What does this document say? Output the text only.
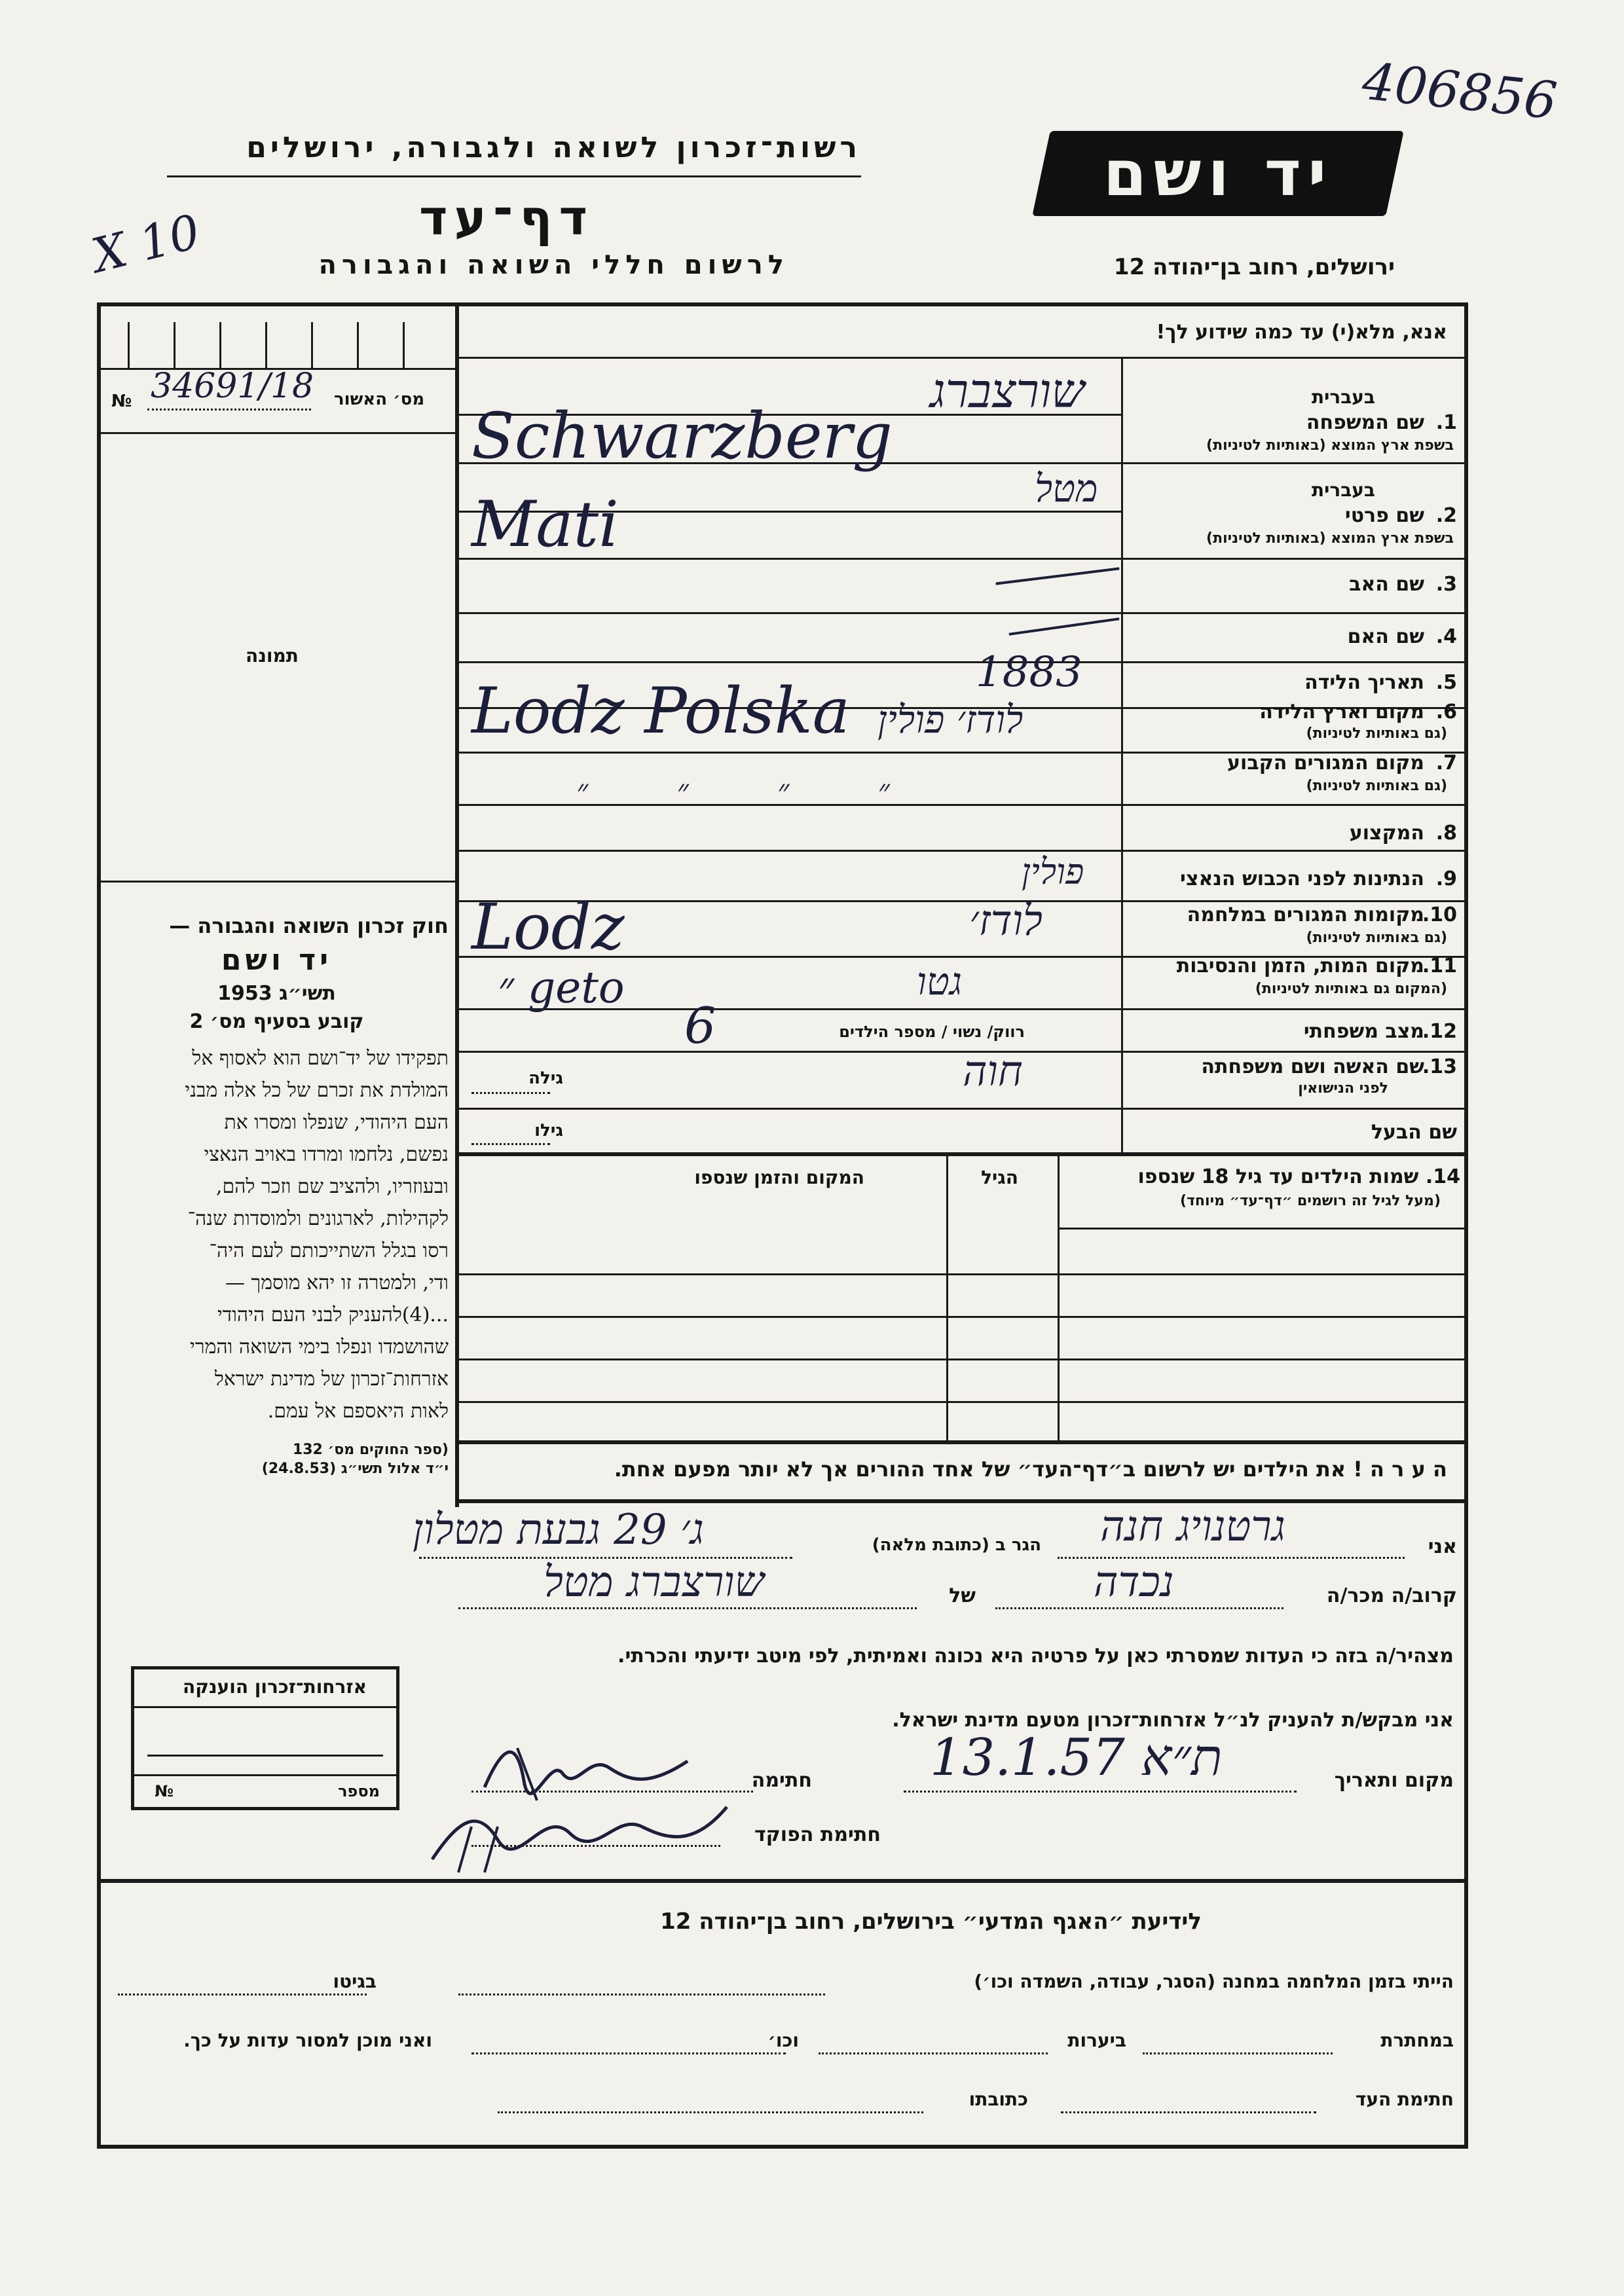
406856
X 10
רשות־זכרון לשואה ולגבורה, ירושלים
דף־עד
לרשום חללי השואה והגבורה
יד ושם
ירושלים, רחוב בן־יהודה 12
34691/18 מס׳ האשור
№
תמונה
חוק זכרון השואה והגבורה —
יד ושם
תשי״ג 1953
קובע בסעיף מס׳ 2
תפקידו של יד־ושם הוא לאסוף אל
המולדת את זכרם של כל אלה מבני
העם היהודי, שנפלו ומסרו את
נפשם, נלחמו ומרדו באויב הנאצי
ובעוזריו, ולהציב שם וזכר להם,
לקהילות, לארגונים ולמוסדות שנה־
רסו בגלל השתייכותם לעם היה־
ודי, ולמטרה זו יהא מוסמך —
...(4)להעניק לבני העם היהודי
שהושמדו ונפלו בימי השואה והמרי
אזרחות־זכרון של מדינת ישראל
לאות היאספם אל עמם.
(ספר החוקים מס׳ 132
י״ד אלול תשי״ג (24.8.53)
אנא, מלא(י) עד כמה שידוע לך!
בעברית
1.
שם המשפחה
בשפת ארץ המוצא (באותיות לטיניות)
שורצברג
Schwarzberg
בעברית
2.
שם פרטי
בשפת ארץ המוצא (באותיות לטיניות)
מטל
Mati
3.
שם האב
4.
שם האם
5.
תאריך הלידה
1883
6.
מקום וארץ הלידה
(גם באותיות לטיניות)
Lodz Polska לודז׳ פולין
7.
מקום המגורים הקבוע
(גם באותיות לטיניות)
״ ״ ״ ״
8.
המקצוע
9.
הנתינות לפני הכבוש הנאצי
פולין
10.
מקומות המגורים במלחמה
(גם באותיות לטיניות)
Lodz	לודז׳
11.
מקום המות, הזמן והנסיבות
(המקום גם באותיות לטיניות)
״ geto	גטו
12.
מצב משפחתי
רווק/ נשוי / מספר הילדים
6
13.
שם האשה ושם משפחתה
לפני הנישואין
חוה
גילה
שם הבעל
גילו
14. שמות הילדים עד גיל 18 שנספו
(מעל לגיל זה רושמים ״דף־עד״ מיוחד)
הגיל
המקום והזמן שנספו
ה ע ר ה ! את הילדים יש לרשום ב״דף־העד״ של אחד ההורים אך לא יותר מפעם אחת.
אני
גרטנויג חנה
הגר ב (כתובת מלאה)
ג׳ 29 גבעת מטלון
קרוב/ה מכר/ה
נכדה
של
שורצברג מטל
מצהיר/ה בזה כי העדות שמסרתי כאן על פרטיה היא נכונה ואמיתית, לפי מיטב ידיעתי והכרתי.
אזרחות־זכרון הוענקה
מספר
№
אני מבקש/ת להעניק לנ״ל אזרחות־זכרון מטעם מדינת ישראל.
מקום ותאריך
ת״א 13.1.57
חתימה
חתימת הפוקד
לידיעת ״האגף המדעי״ בירושלים, רחוב בן־יהודה 12
הייתי בזמן המלחמה במחנה (הסגר, עבודה, השמדה וכו׳)
בגיטו
במחתרת
ביערות
וכו׳
ואני מוכן למסור עדות על כך.
חתימת העד
כתובתו
